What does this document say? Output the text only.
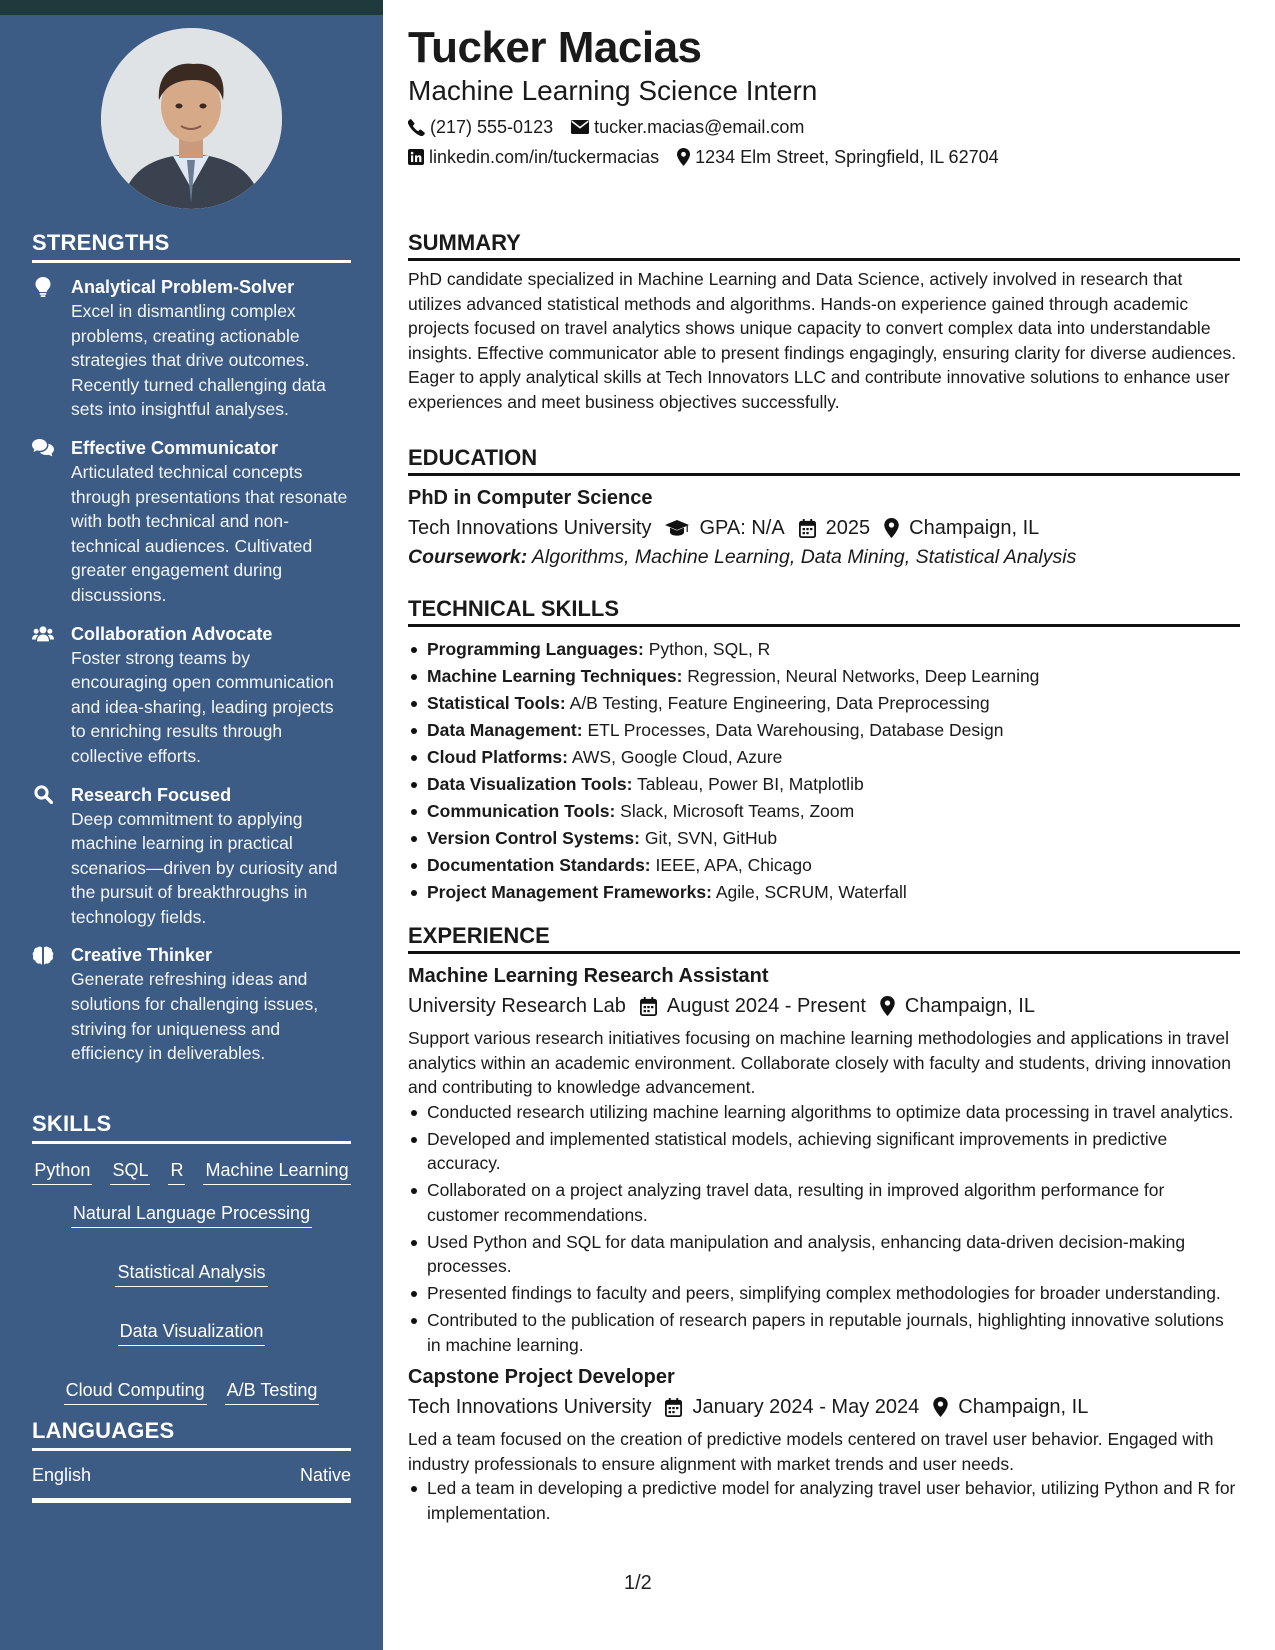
STRENGTHS
Analytical Problem-Solver
Excel in dismantling complex problems, creating actionable strategies that drive outcomes. Recently turned challenging data sets into insightful analyses.
Effective Communicator
Articulated technical concepts through presentations that resonate with both technical and non-technical audiences. Cultivated greater engagement during discussions.
Collaboration Advocate
Foster strong teams by encouraging open communication and idea-sharing, leading projects to enriching results through collective efforts.
Research Focused
Deep commitment to applying machine learning in practical scenarios—driven by curiosity and the pursuit of breakthroughs in technology fields.
Creative Thinker
Generate refreshing ideas and solutions for challenging issues, striving for uniqueness and efficiency in deliverables.
SKILLS
Python SQL R Machine Learning
Natural Language Processing
Statistical Analysis
Data Visualization
Cloud Computing A/B Testing
LANGUAGES
English	Native
Tucker Macias
Machine Learning Science Intern
(217) 555-0123 tucker.macias@email.com
linkedin.com/in/tuckermacias 1234 Elm Street, Springfield, IL 62704
SUMMARY
PhD candidate specialized in Machine Learning and Data Science, actively involved in research that utilizes advanced statistical methods and algorithms. Hands-on experience gained through academic projects focused on travel analytics shows unique capacity to convert complex data into understandable insights. Effective communicator able to present findings engagingly, ensuring clarity for diverse audiences. Eager to apply analytical skills at Tech Innovators LLC and contribute innovative solutions to enhance user experiences and meet business objectives successfully.
EDUCATION
PhD in Computer Science
Tech Innovations University GPA: N/A 2025 Champaign, IL
Coursework: Algorithms, Machine Learning, Data Mining, Statistical Analysis
TECHNICAL SKILLS
Programming Languages: Python, SQL, R
Machine Learning Techniques: Regression, Neural Networks, Deep Learning
Statistical Tools: A/B Testing, Feature Engineering, Data Preprocessing
Data Management: ETL Processes, Data Warehousing, Database Design
Cloud Platforms: AWS, Google Cloud, Azure
Data Visualization Tools: Tableau, Power BI, Matplotlib
Communication Tools: Slack, Microsoft Teams, Zoom
Version Control Systems: Git, SVN, GitHub
Documentation Standards: IEEE, APA, Chicago
Project Management Frameworks: Agile, SCRUM, Waterfall
EXPERIENCE
Machine Learning Research Assistant
University Research Lab August 2024 - Present Champaign, IL
Support various research initiatives focusing on machine learning methodologies and applications in travel analytics within an academic environment. Collaborate closely with faculty and students, driving innovation and contributing to knowledge advancement.
Conducted research utilizing machine learning algorithms to optimize data processing in travel analytics.
Developed and implemented statistical models, achieving significant improvements in predictive accuracy.
Collaborated on a project analyzing travel data, resulting in improved algorithm performance for customer recommendations.
Used Python and SQL for data manipulation and analysis, enhancing data-driven decision-making processes.
Presented findings to faculty and peers, simplifying complex methodologies for broader understanding.
Contributed to the publication of research papers in reputable journals, highlighting innovative solutions in machine learning.
Capstone Project Developer
Tech Innovations University January 2024 - May 2024 Champaign, IL
Led a team focused on the creation of predictive models centered on travel user behavior. Engaged with industry professionals to ensure alignment with market trends and user needs.
Led a team in developing a predictive model for analyzing travel user behavior, utilizing Python and R for implementation.
1/2
